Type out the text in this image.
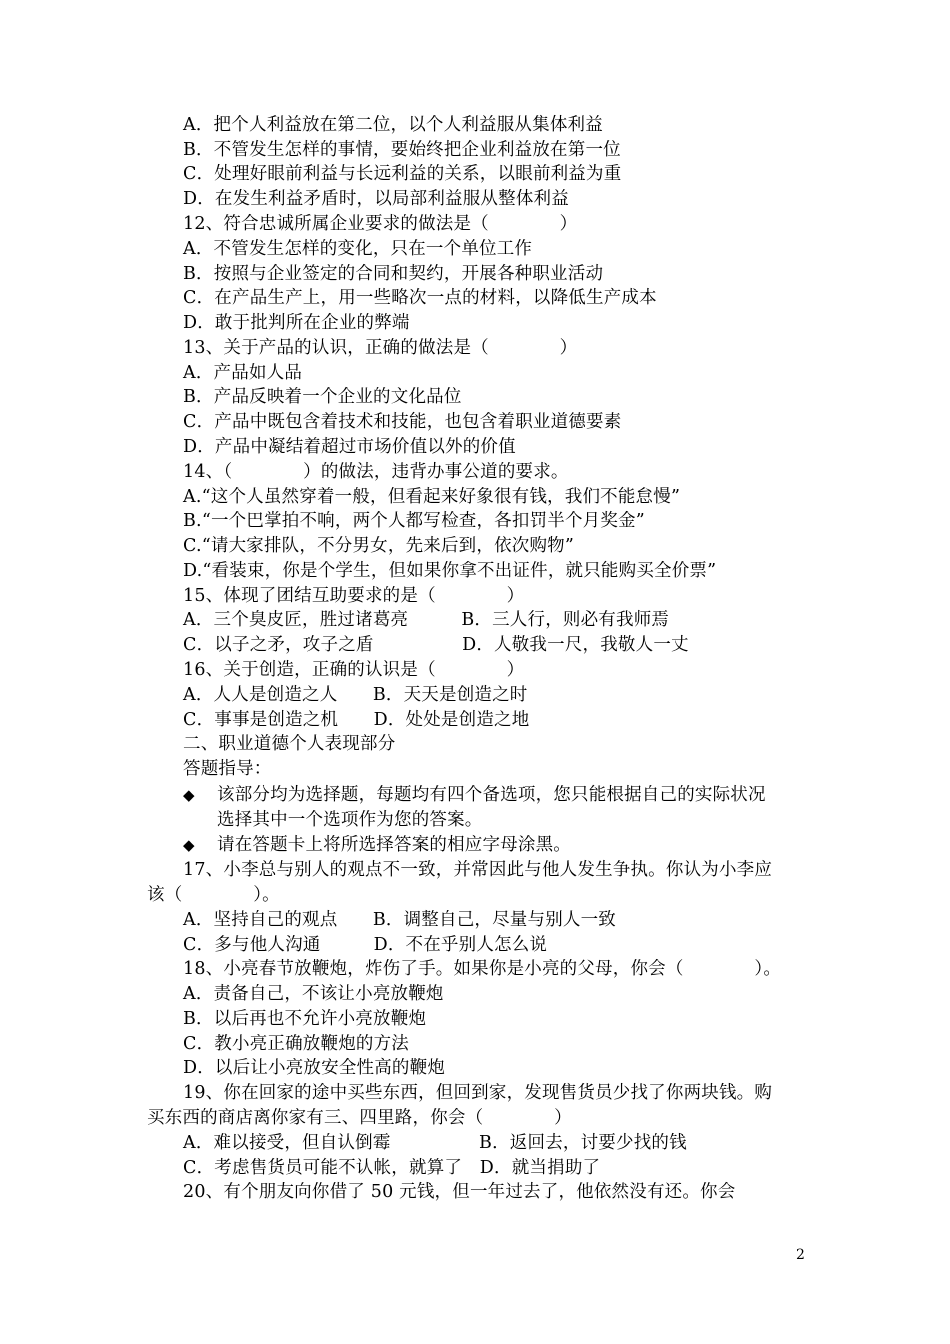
A．把个人利益放在第二位，以个人利益服从集体利益
B．不管发生怎样的事情，要始终把企业利益放在第一位
C．处理好眼前利益与长远利益的关系，以眼前利益为重
D．在发生利益矛盾时，以局部利益服从整体利益
12、符合忠诚所属企业要求的做法是（　　　　）
A．不管发生怎样的变化，只在一个单位工作
B．按照与企业签定的合同和契约，开展各种职业活动
C．在产品生产上，用一些略次一点的材料，以降低生产成本
D．敢于批判所在企业的弊端
13、关于产品的认识，正确的做法是（　　　　）
A．产品如人品
B．产品反映着一个企业的文化品位
C．产品中既包含着技术和技能，也包含着职业道德要素
D．产品中凝结着超过市场价值以外的价值
14、（　　　　）的做法，违背办事公道的要求。
A.“这个人虽然穿着一般，但看起来好象很有钱，我们不能怠慢”
B.“一个巴掌拍不响，两个人都写检查，各扣罚半个月奖金”
C.“请大家排队，不分男女，先来后到，依次购物”
D.“看装束，你是个学生，但如果你拿不出证件，就只能购买全价票”
15、体现了团结互助要求的是（　　　　）
A．三个臭皮匠，胜过诸葛亮　　　B．三人行，则必有我师焉
C．以子之矛，攻子之盾　　　　　D．人敬我一尺，我敬人一丈
16、关于创造，正确的认识是（　　　　）
A．人人是创造之人　　B．天天是创造之时
C．事事是创造之机　　D．处处是创造之地
二、职业道德个人表现部分
答题指导：
◆ 该部分均为选择题，每题均有四个备选项，您只能根据自己的实际状况
选择其中一个选项作为您的答案。
◆ 请在答题卡上将所选择答案的相应字母涂黑。
17、小李总与别人的观点不一致，并常因此与他人发生争执。你认为小李应
该（　　　　）。
A．坚持自己的观点　　B．调整自己，尽量与别人一致
C．多与他人沟通　　　D．不在乎别人怎么说
18、小亮春节放鞭炮，炸伤了手。如果你是小亮的父母，你会（　　　　）。
A．责备自己，不该让小亮放鞭炮
B．以后再也不允许小亮放鞭炮
C．教小亮正确放鞭炮的方法
D．以后让小亮放安全性高的鞭炮
19、你在回家的途中买些东西，但回到家，发现售货员少找了你两块钱。购
买东西的商店离你家有三、四里路，你会（　　　　）
A．难以接受，但自认倒霉　　　　　B．返回去，讨要少找的钱
C．考虑售货员可能不认帐，就算了　D．就当捐助了
20、有个朋友向你借了 50 元钱，但一年过去了，他依然没有还。你会
2
